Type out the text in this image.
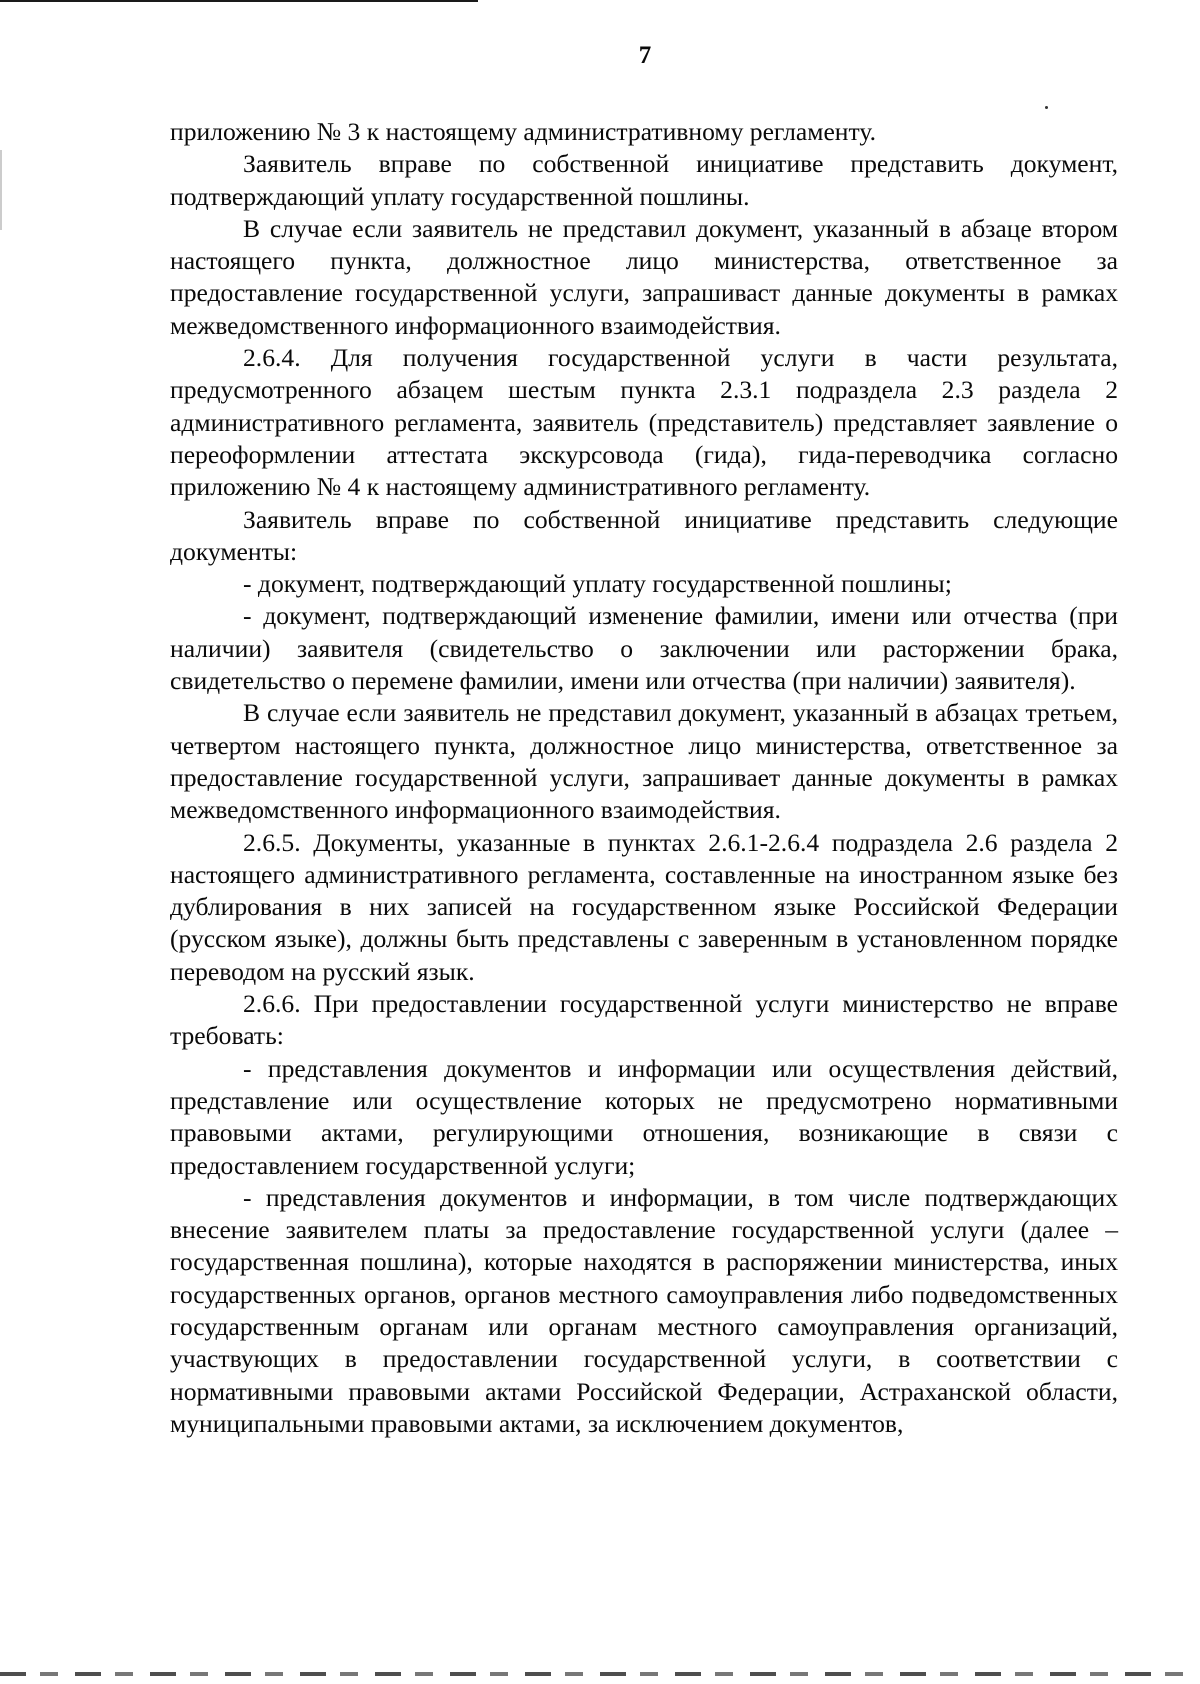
7

приложению № 3 к настоящему административному регламенту.

Заявитель вправе по собственной инициативе представить документ, подтверждающий уплату государственной пошлины.

В случае если заявитель не представил документ, указанный в абзаце втором настоящего пункта, должностное лицо министерства, ответственное за предоставление государственной услуги, запрашиваст данные документы в рамках межведомственного информационного взаимодействия.

2.6.4. Для получения государственной услуги в части результата, предусмотренного абзацем шестым пункта 2.3.1 подраздела 2.3 раздела 2 административного регламента, заявитель (представитель) представляет заявление о переоформлении аттестата экскурсовода (гида), гида-переводчика согласно приложению № 4 к настоящему административного регламенту.

Заявитель вправе по собственной инициативе представить следующие документы:

- документ, подтверждающий уплату государственной пошлины;

- документ, подтверждающий изменение фамилии, имени или отчества (при наличии) заявителя (свидетельство о заключении или расторжении брака, свидетельство о перемене фамилии, имени или отчества (при наличии) заявителя).

В случае если заявитель не представил документ, указанный в абзацах третьем, четвертом настоящего пункта, должностное лицо министерства, ответственное за предоставление государственной услуги, запрашивает данные документы в рамках межведомственного информационного взаимодействия.

2.6.5. Документы, указанные в пунктах 2.6.1-2.6.4 подраздела 2.6 раздела 2 настоящего административного регламента, составленные на иностранном языке без дублирования в них записей на государственном языке Российской Федерации (русском языке), должны быть представлены с заверенным в установленном порядке переводом на русский язык.

2.6.6. При предоставлении государственной услуги министерство не вправе требовать:

- представления документов и информации или осуществления действий, представление или осуществление которых не предусмотрено нормативными правовыми актами, регулирующими отношения, возникающие в связи с предоставлением государственной услуги;

- представления документов и информации, в том числе подтверждающих внесение заявителем платы за предоставление государственной услуги (далее – государственная пошлина), которые находятся в распоряжении министерства, иных государственных органов, органов местного самоуправления либо подведомственных государственным органам или органам местного самоуправления организаций, участвующих в предоставлении государственной услуги, в соответствии с нормативными правовыми актами Российской Федерации, Астраханской области, муниципальными правовыми актами, за исключением документов,
